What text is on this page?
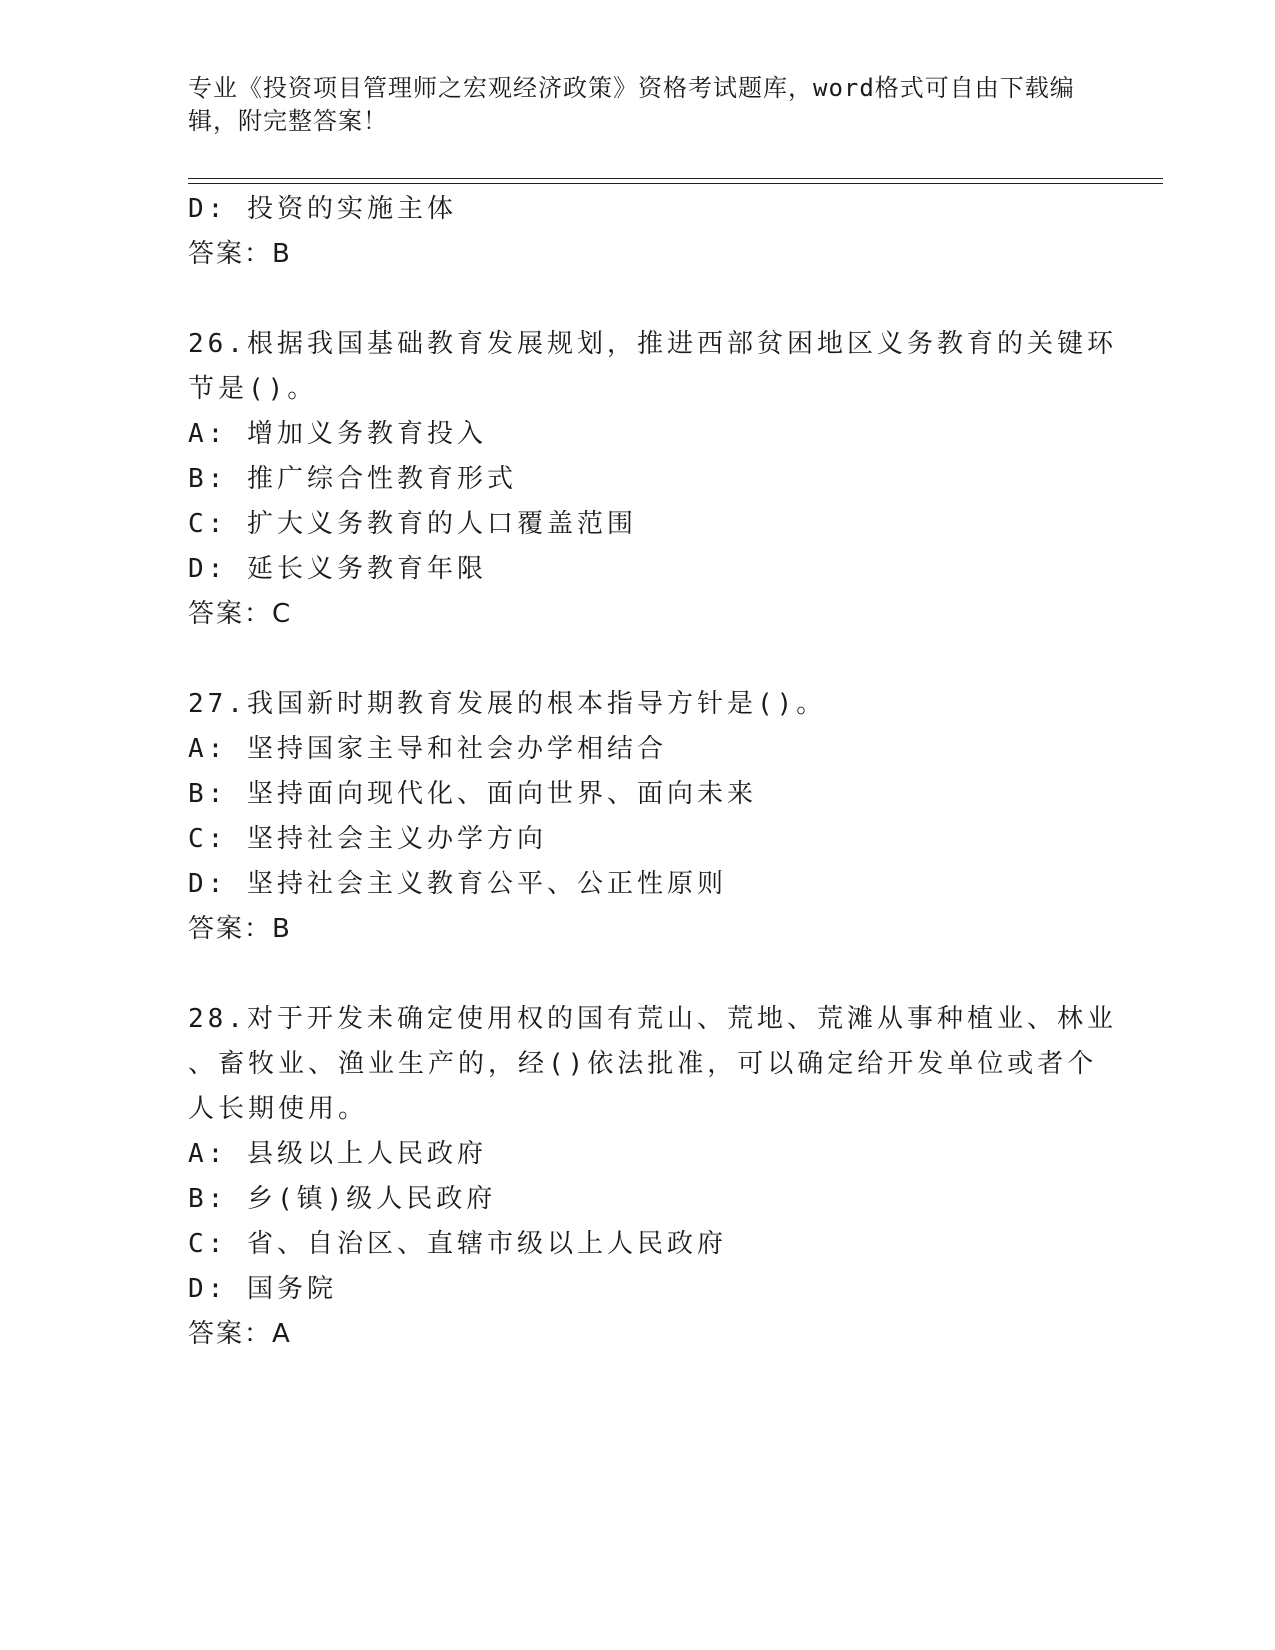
专业《投资项目管理师之宏观经济政策》资格考试题库，word格式可自由下载编
辑，附完整答案！
D: 投资的实施主体
答案：B
26.根据我国基础教育发展规划，推进西部贫困地区义务教育的关键环
节是()。
A: 增加义务教育投入
B: 推广综合性教育形式
C: 扩大义务教育的人口覆盖范围
D: 延长义务教育年限
答案：C
27.我国新时期教育发展的根本指导方针是()。
A: 坚持国家主导和社会办学相结合
B: 坚持面向现代化、面向世界、面向未来
C: 坚持社会主义办学方向
D: 坚持社会主义教育公平、公正性原则
答案：B
28.对于开发未确定使用权的国有荒山、荒地、荒滩从事种植业、林业
、畜牧业、渔业生产的，经()依法批准，可以确定给开发单位或者个
人长期使用。
A: 县级以上人民政府
B: 乡(镇)级人民政府
C: 省、自治区、直辖市级以上人民政府
D: 国务院
答案：A
